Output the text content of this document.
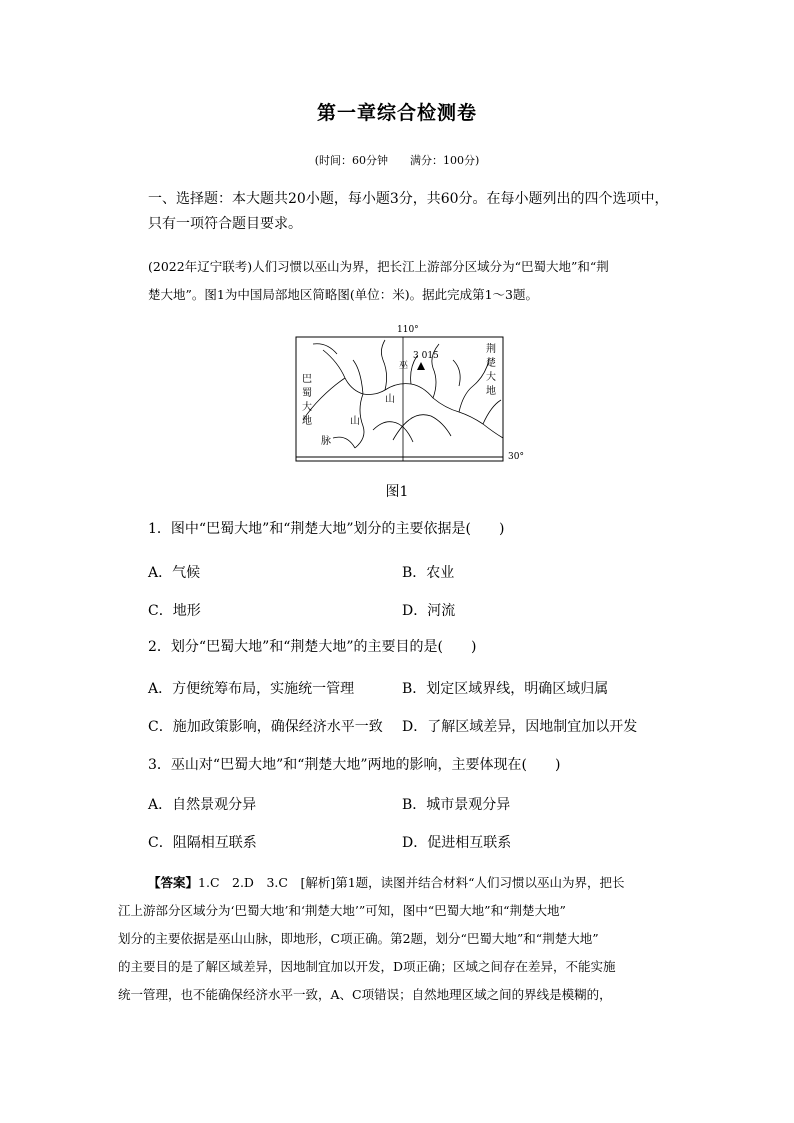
第一章综合检测卷
(时间：60分钟　　满分：100分)
一、选择题：本大题共20小题，每小题3分，共60分。在每小题列出的四个选项中，
只有一项符合题目要求。
(2022年辽宁联考)人们习惯以巫山为界，把长江上游部分区域分为“巴蜀大地”和“荆
楚大地”。图1为中国局部地区简略图(单位：米)。据此完成第1～3题。
110°
30°
3 015
巫
巴
蜀
大
地
荆
楚
大
地
山
山
脉
图1
1．图中“巴蜀大地”和“荆楚大地”划分的主要依据是(　　)
A．气候	B．农业
C．地形	D．河流
2．划分“巴蜀大地”和“荆楚大地”的主要目的是(　　)
A．方便统筹布局，实施统一管理	B．划定区域界线，明确区域归属
C．施加政策影响，确保经济水平一致 D．了解区域差异，因地制宜加以开发
3．巫山对“巴蜀大地”和“荆楚大地”两地的影响，主要体现在(　　)
A．自然景观分异	B．城市景观分异
C．阻隔相互联系	D．促进相互联系
【答案】1.C　2.D　3.C　[解析]第1题，读图并结合材料“人们习惯以巫山为界，把长
江上游部分区域分为‘巴蜀大地’和‘荆楚大地’”可知，图中“巴蜀大地”和“荆楚大地”
划分的主要依据是巫山山脉，即地形，C项正确。第2题，划分“巴蜀大地”和“荆楚大地”
的主要目的是了解区域差异，因地制宜加以开发，D项正确；区域之间存在差异，不能实施
统一管理，也不能确保经济水平一致，A、C项错误；自然地理区域之间的界线是模糊的，
